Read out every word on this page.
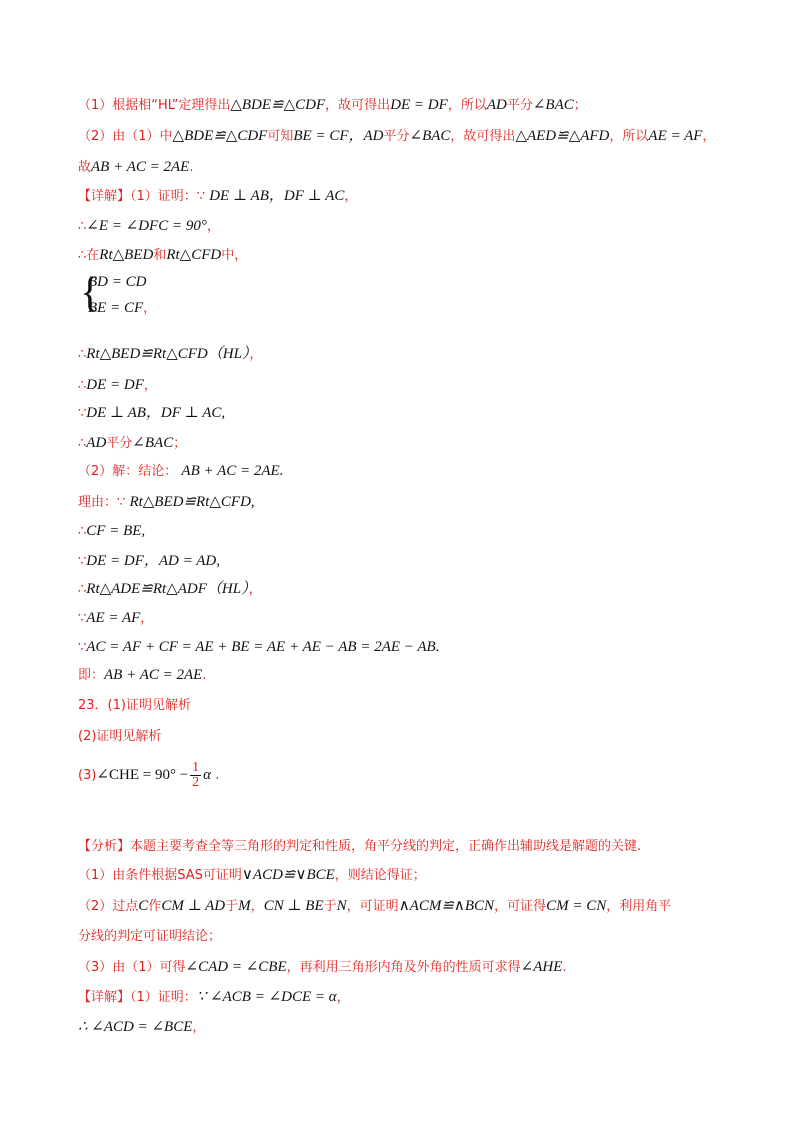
（1）根据相“HL”定理得出△BDE≌△CDF，故可得出DE = DF，所以AD平分∠BAC；
（2）由（1）中△BDE≌△CDF可知BE = CF，AD平分∠BAC，故可得出△AED≌△AFD，所以AE = AF，
故AB + AC = 2AE.
【详解】（1）证明：∵ DE ⊥ AB，DF ⊥ AC，
∴∠E = ∠DFC = 90°，
∴在Rt△BED和Rt△CFD中，
{
BD = CD
BE = CF，
∴Rt△BED≌Rt△CFD（HL），
∴DE = DF，
∵DE ⊥ AB，DF ⊥ AC,
∴AD平分∠BAC；
（2）解：结论： AB + AC = 2AE.
理由：∵ Rt△BED≌Rt△CFD,
∴CF = BE,
∵DE = DF，AD = AD,
∴Rt△ADE≌Rt△ADF（HL），
∵AE = AF，
∵AC = AF + CF = AE + BE = AE + AE − AB = 2AE − AB.
即：AB + AC = 2AE.
23．(1)证明见解析
(2)证明见解析
(3)∠CHE = $90^\circ - \frac{1}{2}$ α .
【分析】本题主要考查全等三角形的判定和性质，角平分线的判定，正确作出辅助线是解题的关键.
（1）由条件根据SAS可证明∨ACD≌∨BCE，则结论得证；
（2）过点C作CM ⊥ AD于M，CN ⊥ BE于N，可证明∧ACM≌∧BCN，可证得CM = CN，利用角平
分线的判定可证明结论；
（3）由（1）可得∠CAD = ∠CBE，再利用三角形内角及外角的性质可求得∠AHE.
【详解】（1）证明：∵ ∠ACB = ∠DCE = α，
∴ ∠ACD = ∠BCE，
